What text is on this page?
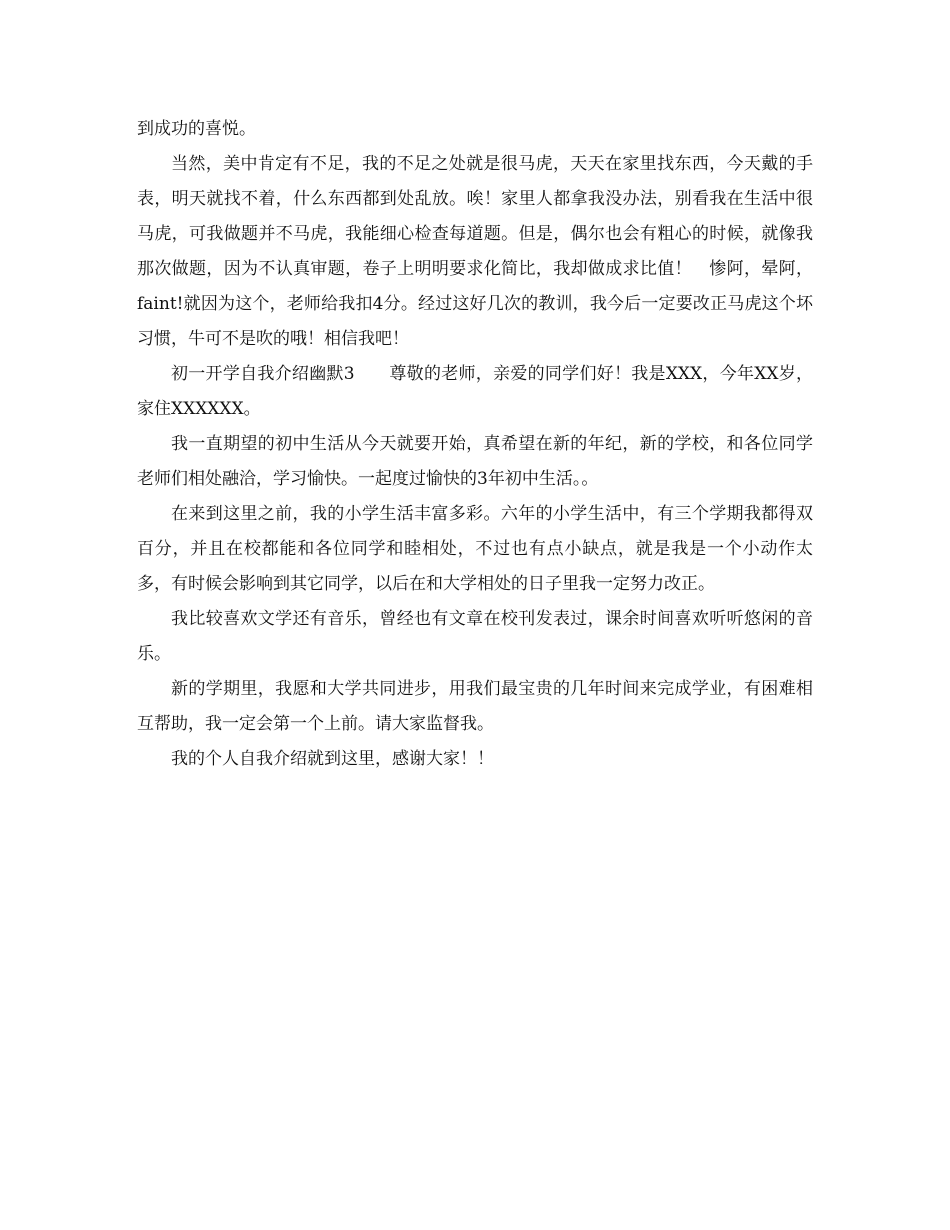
到成功的喜悦。

当然，美中肯定有不足，我的不足之处就是很马虎，天天在家里找东西，今天戴的手表，明天就找不着，什么东西都到处乱放。唉！家里人都拿我没办法，别看我在生活中很马虎，可我做题并不马虎，我能细心检查每道题。但是，偶尔也会有粗心的时候，就像我那次做题，因为不认真审题，卷子上明明要求化简比，我却做成求比值！　惨阿，晕阿，faint!就因为这个，老师给我扣4分。经过这好几次的教训，我今后一定要改正马虎这个坏习惯，牛可不是吹的哦！相信我吧！

初一开学自我介绍幽默3　　尊敬的老师，亲爱的同学们好！我是XXX，今年XX岁，家住XXXXXX。

我一直期望的初中生活从今天就要开始，真希望在新的年纪，新的学校，和各位同学老师们相处融洽，学习愉快。一起度过愉快的3年初中生活。。

在来到这里之前，我的小学生活丰富多彩。六年的小学生活中，有三个学期我都得双百分，并且在校都能和各位同学和睦相处，不过也有点小缺点，就是我是一个小动作太多，有时候会影响到其它同学，以后在和大学相处的日子里我一定努力改正。

我比较喜欢文学还有音乐，曾经也有文章在校刊发表过，课余时间喜欢听听悠闲的音乐。

新的学期里，我愿和大学共同进步，用我们最宝贵的几年时间来完成学业，有困难相互帮助，我一定会第一个上前。请大家监督我。

我的个人自我介绍就到这里，感谢大家！！
